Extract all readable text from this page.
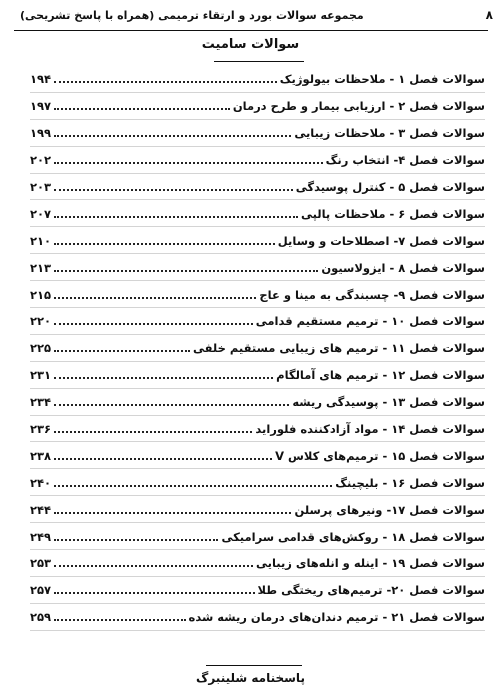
۸
مجموعه سوالات بورد و ارتقاء ترمیمی (همراه با پاسخ تشریحی)
سوالات سامیت
سوالات فصل ۱ - ملاحظات بیولوژیک
۱۹۴
سوالات فصل ۲ - ارزیابی بیمار و طرح درمان
۱۹۷
سوالات فصل ۳ - ملاحظات زیبایی
۱۹۹
سوالات فصل ۴- انتخاب رنگ
۲۰۲
سوالات فصل ۵ - کنترل پوسیدگی
۲۰۳
سوالات فصل ۶ - ملاحظات پالپی
۲۰۷
سوالات فصل ۷- اصطلاحات و وسایل
۲۱۰
سوالات فصل ۸ - ایزولاسیون
۲۱۳
سوالات فصل ۹- چسبندگی به مینا و عاج
۲۱۵
سوالات فصل ۱۰ - ترمیم مستقیم قدامی
۲۲۰
سوالات فصل ۱۱ - ترمیم های زیبایی مستقیم خلفی
۲۲۵
سوالات فصل ۱۲ - ترمیم های آمالگام
۲۳۱
سوالات فصل ۱۳ - پوسیدگی ریشه
۲۳۴
سوالات فصل ۱۴ - مواد آزادکننده فلوراید
۲۳۶
سوالات فصل ۱۵ - ترمیم‌های کلاس V
۲۳۸
سوالات فصل ۱۶ - بلیچینگ
۲۴۰
سوالات فصل ۱۷- ونیرهای پرسلن
۲۴۴
سوالات فصل ۱۸ - روکش‌های قدامی سرامیکی
۲۴۹
سوالات فصل ۱۹ - اینله و انله‌های زیبایی
۲۵۳
سوالات فصل ۲۰- ترمیم‌های ریختگی طلا
۲۵۷
سوالات فصل ۲۱ - ترمیم دندان‌های درمان ریشه شده
۲۵۹
پاسخنامه شلینبرگ
